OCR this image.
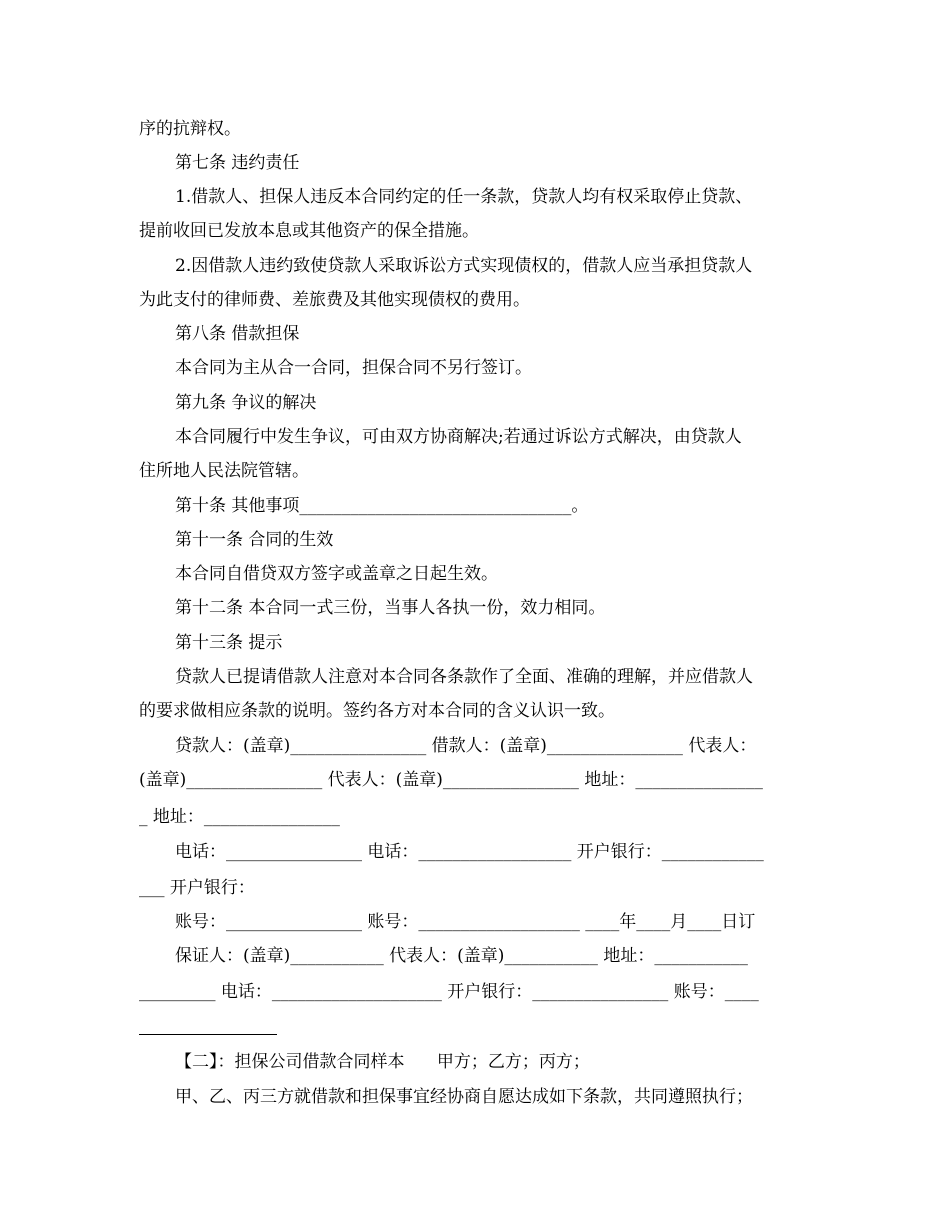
序的抗辩权。
第七条 违约责任
1.借款人、担保人违反本合同约定的任一条款，贷款人均有权采取停止贷款、
提前收回已发放本息或其他资产的保全措施。
2.因借款人违约致使贷款人采取诉讼方式实现债权的，借款人应当承担贷款人
为此支付的律师费、差旅费及其他实现债权的费用。
第八条 借款担保
本合同为主从合一合同，担保合同不另行签订。
第九条 争议的解决
本合同履行中发生争议，可由双方协商解决;若通过诉讼方式解决，由贷款人
住所地人民法院管辖。
第十条 其他事项________________________________。
第十一条 合同的生效
本合同自借贷双方签字或盖章之日起生效。
第十二条 本合同一式三份，当事人各执一份，效力相同。
第十三条 提示
贷款人已提请借款人注意对本合同各条款作了全面、准确的理解，并应借款人
的要求做相应条款的说明。签约各方对本合同的含义认识一致。
贷款人：(盖章)________________ 借款人：(盖章)________________ 代表人：
(盖章)________________ 代表人：(盖章)________________ 地址：_______________
_ 地址：________________
电话：________________ 电话：__________________ 开户银行：____________
___ 开户银行：
账号：________________ 账号：___________________ ____年____月____日订
保证人：(盖章)___________ 代表人：(盖章)___________ 地址：___________
_________ 电话：____________________ 开户银行：________________ 账号：____
【二】：担保公司借款合同样本      甲方；乙方；丙方；
甲、乙、丙三方就借款和担保事宜经协商自愿达成如下条款，共同遵照执行；
